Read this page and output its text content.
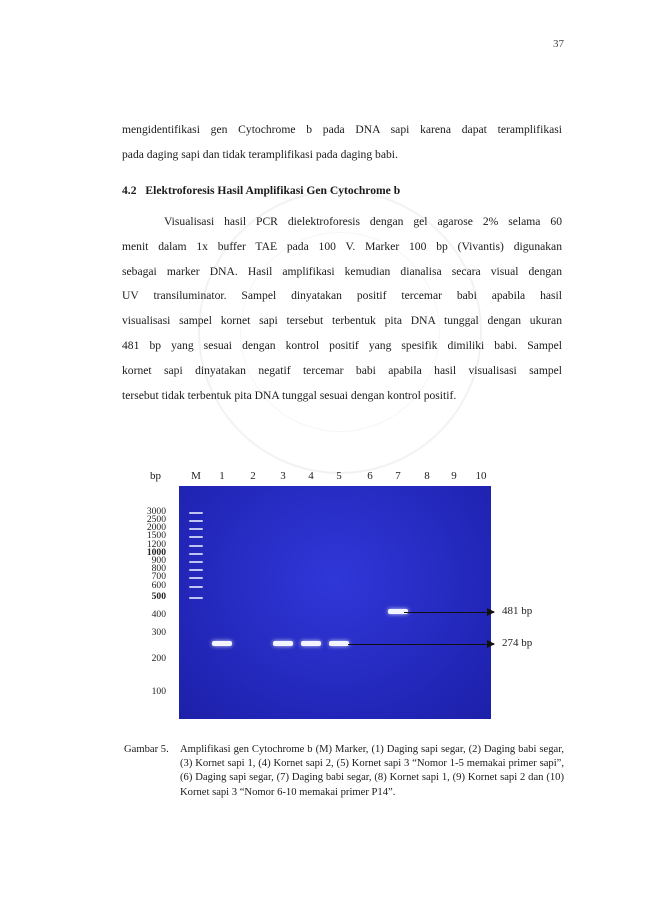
37

mengidentifikasi gen Cytochrome b pada DNA sapi karena dapat teramplifikasi
pada daging sapi dan tidak teramplifikasi pada daging babi.

4.2 Elektroforesis Hasil Amplifikasi Gen Cytochrome b

Visualisasi hasil PCR dielektroforesis dengan gel agarose 2% selama 60
menit dalam 1x buffer TAE pada 100 V. Marker 100 bp (Vivantis) digunakan
sebagai marker DNA. Hasil amplifikasi kemudian dianalisa secara visual dengan
UV transiluminator. Sampel dinyatakan positif tercemar babi apabila hasil
visualisasi sampel kornet sapi tersebut terbentuk pita DNA tunggal dengan ukuran
481 bp yang sesuai dengan kontrol positif yang spesifik dimiliki babi. Sampel
kornet sapi dinyatakan negatif tercemar babi apabila hasil visualisasi sampel
tersebut tidak terbentuk pita DNA tunggal sesuai dengan kontrol positif.

bp	M 1 2 3 4 5 6 7 8 9 10
3000
2500
2000
1500
1200
1000
900
800
700
600
500
400
300
200
100
481 bp
274 bp

Gambar 5.	Amplifikasi gen Cytochrome b (M) Marker, (1) Daging sapi segar, (2) Daging babi segar, (3) Kornet sapi 1, (4) Kornet sapi 2, (5) Kornet sapi 3 “Nomor 1-5 memakai primer sapi”, (6) Daging sapi segar, (7) Daging babi segar, (8) Kornet sapi 1, (9) Kornet sapi 2 dan (10) Kornet sapi 3 “Nomor 6-10 memakai primer P14”.
